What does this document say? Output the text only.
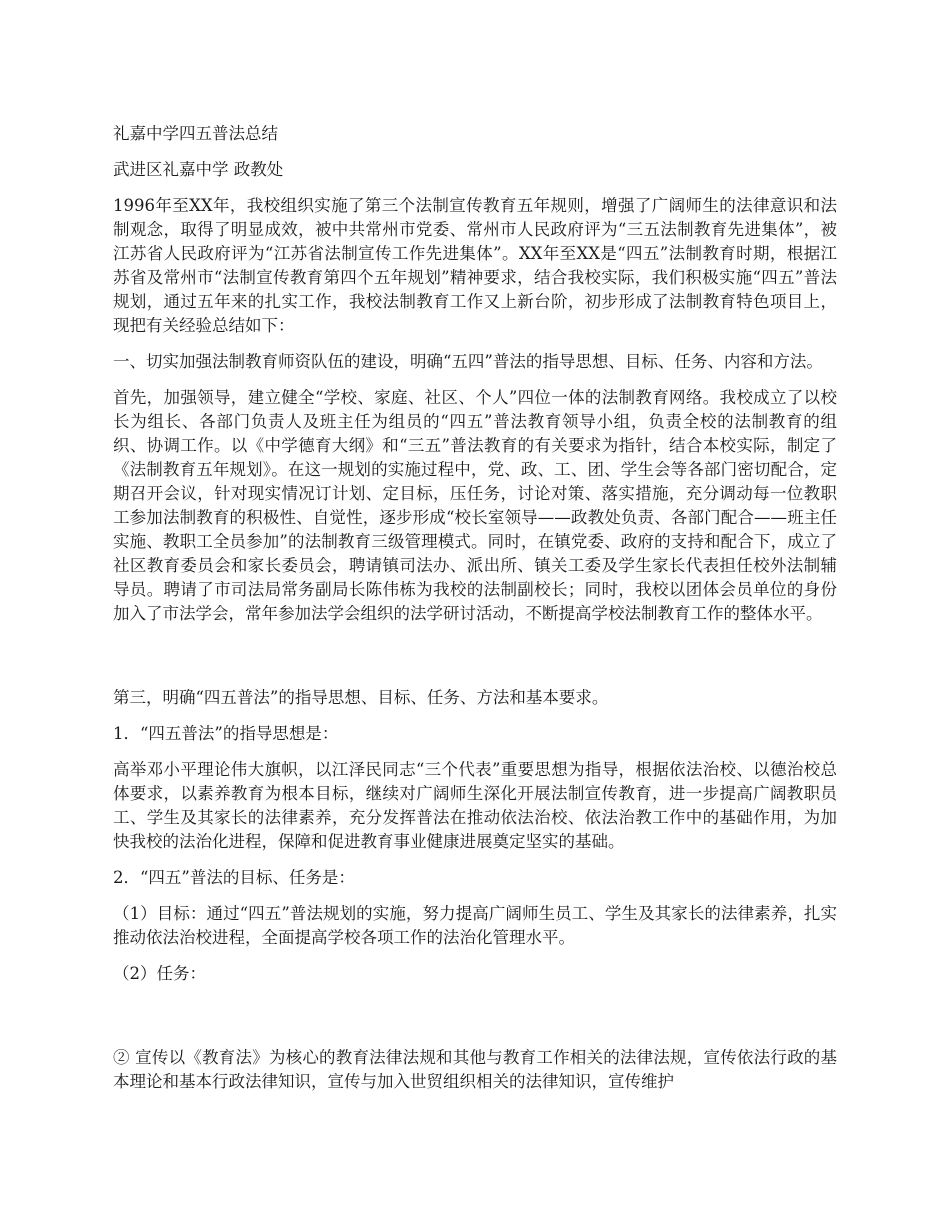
礼嘉中学四五普法总结

武进区礼嘉中学 政教处

1996年至XX年，我校组织实施了第三个法制宣传教育五年规则，增强了广阔师生的法律意识和法制观念，取得了明显成效，被中共常州市党委、常州市人民政府评为“三五法制教育先进集体”，被江苏省人民政府评为“江苏省法制宣传工作先进集体”。XX年至XX是“四五”法制教育时期，根据江苏省及常州市“法制宣传教育第四个五年规划”精神要求，结合我校实际，我们积极实施“四五”普法规划，通过五年来的扎实工作，我校法制教育工作又上新台阶，初步形成了法制教育特色项目上，现把有关经验总结如下：

一、切实加强法制教育师资队伍的建设，明确“五四”普法的指导思想、目标、任务、内容和方法。

首先，加强领导，建立健全“学校、家庭、社区、个人”四位一体的法制教育网络。我校成立了以校长为组长、各部门负责人及班主任为组员的“四五”普法教育领导小组，负责全校的法制教育的组织、协调工作。以《中学德育大纲》和“三五”普法教育的有关要求为指针，结合本校实际，制定了《法制教育五年规划》。在这一规划的实施过程中，党、政、工、团、学生会等各部门密切配合，定期召开会议，针对现实情况订计划、定目标，压任务，讨论对策、落实措施，充分调动每一位教职工参加法制教育的积极性、自觉性，逐步形成“校长室领导——政教处负责、各部门配合——班主任实施、教职工全员参加”的法制教育三级管理模式。同时，在镇党委、政府的支持和配合下，成立了社区教育委员会和家长委员会，聘请镇司法办、派出所、镇关工委及学生家长代表担任校外法制辅导员。聘请了市司法局常务副局长陈伟栋为我校的法制副校长；同时，我校以团体会员单位的身份加入了市法学会，常年参加法学会组织的法学研讨活动，不断提高学校法制教育工作的整体水平。

第三，明确“四五普法”的指导思想、目标、任务、方法和基本要求。

1．“四五普法”的指导思想是：

高举邓小平理论伟大旗帜，以江泽民同志“三个代表”重要思想为指导，根据依法治校、以德治校总体要求，以素养教育为根本目标，继续对广阔师生深化开展法制宣传教育，进一步提高广阔教职员工、学生及其家长的法律素养，充分发挥普法在推动依法治校、依法治教工作中的基础作用，为加快我校的法治化进程，保障和促进教育事业健康进展奠定坚实的基础。

2．“四五”普法的目标、任务是：

（1）目标：通过“四五”普法规划的实施，努力提高广阔师生员工、学生及其家长的法律素养，扎实推动依法治校进程，全面提高学校各项工作的法治化管理水平。

（2）任务：

② 宣传以《教育法》为核心的教育法律法规和其他与教育工作相关的法律法规，宣传依法行政的基本理论和基本行政法律知识，宣传与加入世贸组织相关的法律知识，宣传维护
